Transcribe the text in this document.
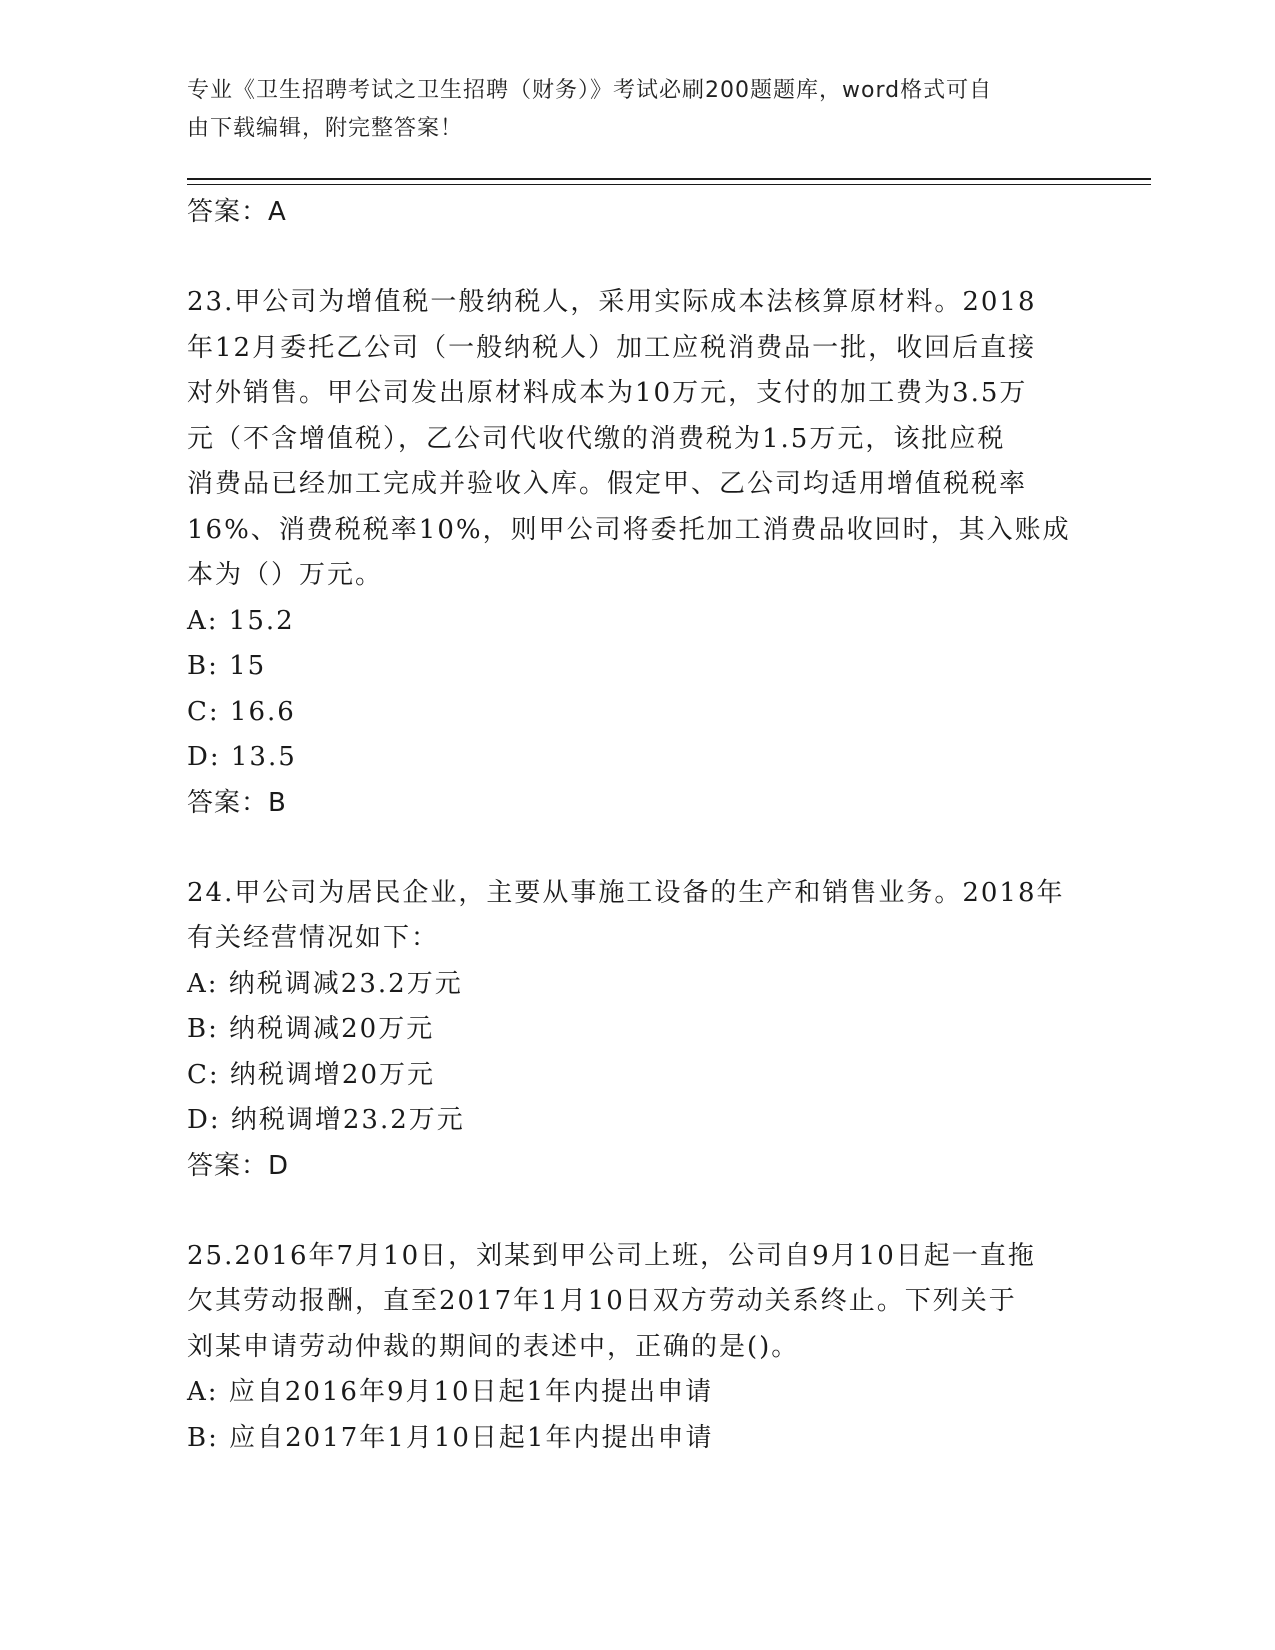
专业《卫生招聘考试之卫生招聘（财务）》考试必刷200题题库，word格式可自
由下载编辑，附完整答案！

答案：A

23.甲公司为增值税一般纳税人，采用实际成本法核算原材料。2018

年12月委托乙公司（一般纳税人）加工应税消费品一批，收回后直接

对外销售。甲公司发出原材料成本为10万元，支付的加工费为3.5万

元（不含增值税），乙公司代收代缴的消费税为1.5万元，该批应税

消费品已经加工完成并验收入库。假定甲、乙公司均适用增值税税率

16%、消费税税率10%，则甲公司将委托加工消费品收回时，其入账成

本为（）万元。

A: 15.2

B: 15

C: 16.6

D: 13.5

答案：B

24.甲公司为居民企业，主要从事施工设备的生产和销售业务。2018年

有关经营情况如下：

A: 纳税调减23.2万元

B: 纳税调减20万元

C: 纳税调增20万元

D: 纳税调增23.2万元

答案：D

25.2016年7月10日，刘某到甲公司上班，公司自9月10日起一直拖

欠其劳动报酬，直至2017年1月10日双方劳动关系终止。下列关于

刘某申请劳动仲裁的期间的表述中，正确的是()。

A: 应自2016年9月10日起1年内提出申请

B: 应自2017年1月10日起1年内提出申请
